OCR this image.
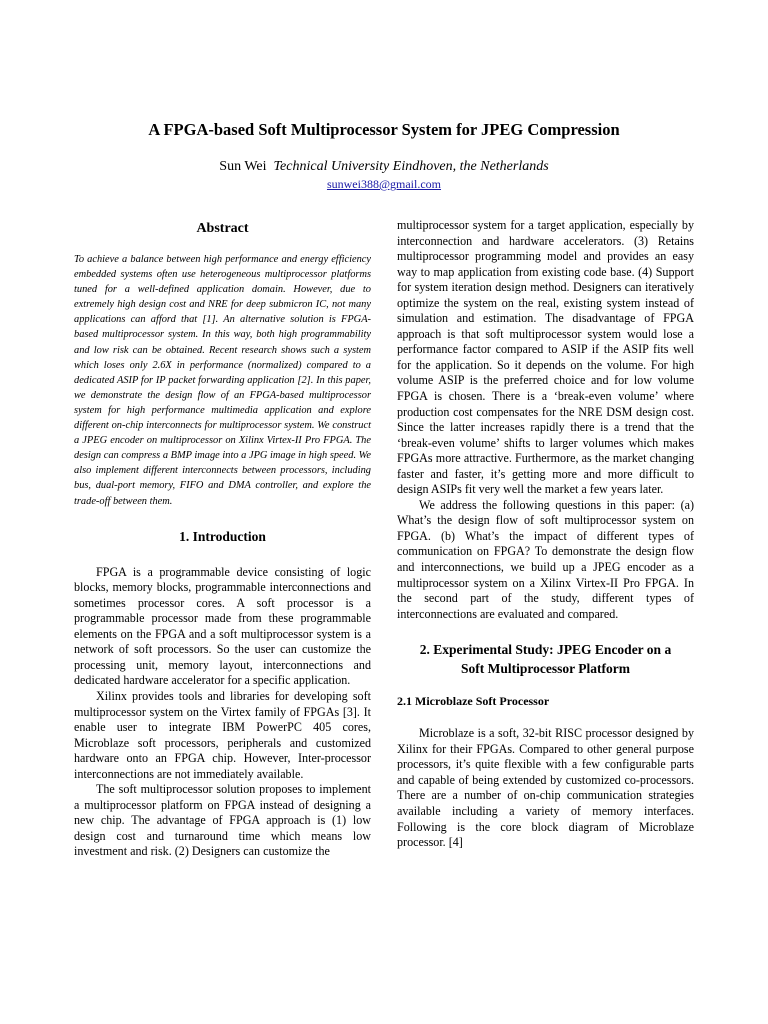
A FPGA-based Soft Multiprocessor System for JPEG Compression
Sun Wei Technical University Eindhoven, the Netherlands
sunwei388@gmail.com

Abstract

To achieve a balance between high performance and energy efficiency embedded systems often use heterogeneous multiprocessor platforms tuned for a well-defined application domain. However, due to extremely high design cost and NRE for deep submicron IC, not many applications can afford that [1]. An alternative solution is FPGA-based multiprocessor system. In this way, both high programmability and low risk can be obtained. Recent research shows such a system which loses only 2.6X in performance (normalized) compared to a dedicated ASIP for IP packet forwarding application [2]. In this paper, we demonstrate the design flow of an FPGA-based multiprocessor system for high performance multimedia application and explore different on-chip interconnects for multiprocessor system. We construct a JPEG encoder on multiprocessor on Xilinx Virtex-II Pro FPGA. The design can compress a BMP image into a JPG image in high speed. We also implement different interconnects between processors, including bus, dual-port memory, FIFO and DMA controller, and explore the trade-off between them.

1. Introduction

FPGA is a programmable device consisting of logic blocks, memory blocks, programmable interconnections and sometimes processor cores. A soft processor is a programmable processor made from these programmable elements on the FPGA and a soft multiprocessor system is a network of soft processors. So the user can customize the processing unit, memory layout, interconnections and dedicated hardware accelerator for a specific application.

Xilinx provides tools and libraries for developing soft multiprocessor system on the Virtex family of FPGAs [3]. It enable user to integrate IBM PowerPC 405 cores, Microblaze soft processors, peripherals and customized hardware onto an FPGA chip. However, Inter-processor interconnections are not immediately available.

The soft multiprocessor solution proposes to implement a multiprocessor platform on FPGA instead of designing a new chip. The advantage of FPGA approach is (1) low design cost and turnaround time which means low investment and risk. (2) Designers can customize the

multiprocessor system for a target application, especially by interconnection and hardware accelerators. (3) Retains multiprocessor programming model and provides an easy way to map application from existing code base. (4) Support for system iteration design method. Designers can iteratively optimize the system on the real, existing system instead of simulation and estimation. The disadvantage of FPGA approach is that soft multiprocessor system would lose a performance factor compared to ASIP if the ASIP fits well for the application. So it depends on the volume. For high volume ASIP is the preferred choice and for low volume FPGA is chosen. There is a ‘break-even volume’ where production cost compensates for the NRE DSM design cost. Since the latter increases rapidly there is a trend that the ‘break-even volume’ shifts to larger volumes which makes FPGAs more attractive. Furthermore, as the market changing faster and faster, it’s getting more and more difficult to design ASIPs fit very well the market a few years later.

We address the following questions in this paper: (a) What’s the design flow of soft multiprocessor system on FPGA. (b) What’s the impact of different types of communication on FPGA? To demonstrate the design flow and interconnections, we build up a JPEG encoder as a multiprocessor system on a Xilinx Virtex-II Pro FPGA. In the second part of the study, different types of interconnections are evaluated and compared.

2. Experimental Study: JPEG Encoder on a
Soft Multiprocessor Platform

2.1 Microblaze Soft Processor

Microblaze is a soft, 32-bit RISC processor designed by Xilinx for their FPGAs. Compared to other general purpose processors, it’s quite flexible with a few configurable parts and capable of being extended by customized co-processors. There are a number of on-chip communication strategies available including a variety of memory interfaces. Following is the core block diagram of Microblaze processor. [4]
